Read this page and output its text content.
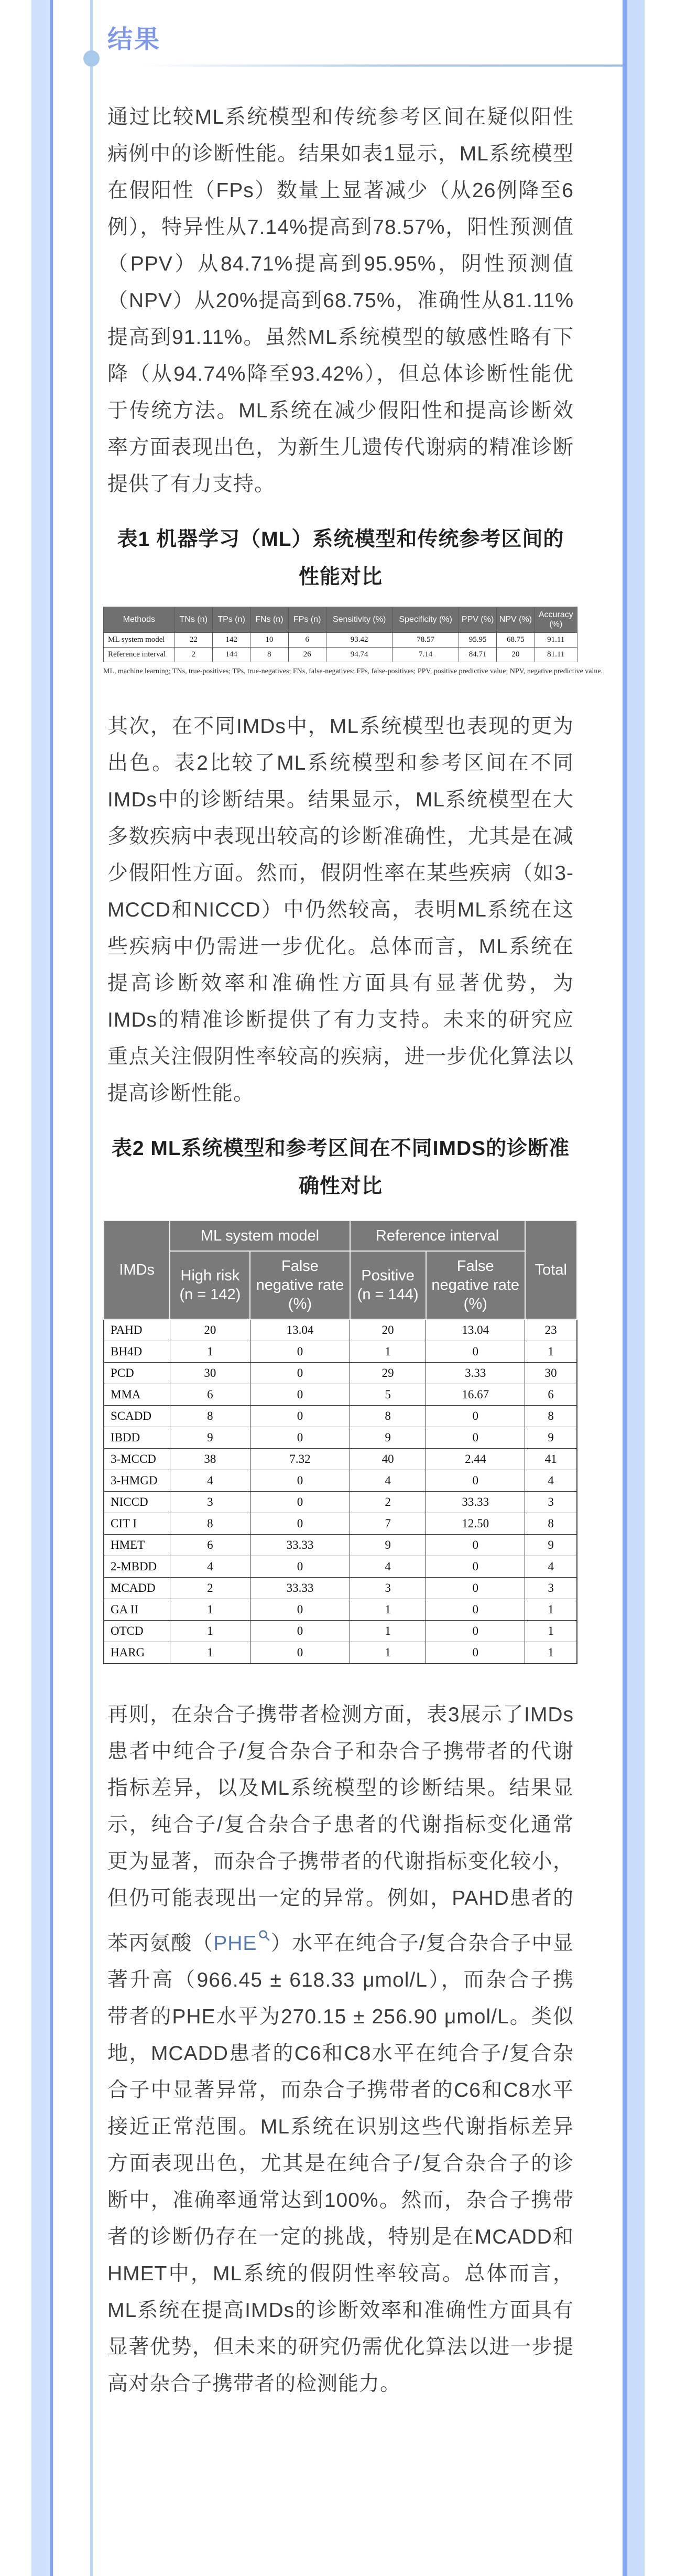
结果

通过比较ML系统模型和传统参考区间在疑似阳性病例中的诊断性能。结果如表1显示，ML系统模型在假阳性（FPs）数量上显著减少（从26例降至6例），特异性从7.14%提高到78.57%，阳性预测值（PPV）从84.71%提高到95.95%，阴性预测值（NPV）从20%提高到68.75%，准确性从81.11%提高到91.11%。虽然ML系统模型的敏感性略有下降（从94.74%降至93.42%），但总体诊断性能优于传统方法。ML系统在减少假阳性和提高诊断效率方面表现出色，为新生儿遗传代谢病的精准诊断提供了有力支持。

表1 机器学习（ML）系统模型和传统参考区间的性能对比
Methods	TNs (n)	TPs (n)	FNs (n)	FPs (n)	Sensitivity (%)	Specificity (%)	PPV (%)	NPV (%)	Accuracy (%)
ML system model	22	142	10	6	93.42	78.57	95.95	68.75	91.11
Reference interval	2	144	8	26	94.74	7.14	84.71	20	81.11
ML, machine learning; TNs, true-positives; TPs, true-negatives; FNs, false-negatives; FPs, false-positives; PPV, positive predictive value; NPV, negative predictive value.

其次，在不同IMDs中，ML系统模型也表现的更为出色。表2比较了ML系统模型和参考区间在不同IMDs中的诊断结果。结果显示，ML系统模型在大多数疾病中表现出较高的诊断准确性，尤其是在减少假阳性方面。然而，假阴性率在某些疾病（如3-MCCD和NICCD）中仍然较高，表明ML系统在这些疾病中仍需进一步优化。总体而言，ML系统在提高诊断效率和准确性方面具有显著优势，为IMDs的精准诊断提供了有力支持。未来的研究应重点关注假阴性率较高的疾病，进一步优化算法以提高诊断性能。

表2 ML系统模型和参考区间在不同IMDS的诊断准确性对比
IMDs	ML system model		Reference interval		Total
	High risk (n = 142)	False negative rate (%)	Positive (n = 144)	False negative rate (%)	
PAHD	20	13.04	20	13.04	23
BH4D	1	0	1	0	1
PCD	30	0	29	3.33	30
MMA	6	0	5	16.67	6
SCADD	8	0	8	0	8
IBDD	9	0	9	0	9
3-MCCD	38	7.32	40	2.44	41
3-HMGD	4	0	4	0	4
NICCD	3	0	2	33.33	3
CIT I	8	0	7	12.50	8
HMET	6	33.33	9	0	9
2-MBDD	4	0	4	0	4
MCADD	2	33.33	3	0	3
GA II	1	0	1	0	1
OTCD	1	0	1	0	1
HARG	1	0	1	0	1

再则，在杂合子携带者检测方面，表3展示了IMDs患者中纯合子/复合杂合子和杂合子携带者的代谢指标差异，以及ML系统模型的诊断结果。结果显示，纯合子/复合杂合子患者的代谢指标变化通常更为显著，而杂合子携带者的代谢指标变化较小，但仍可能表现出一定的异常。例如，PAHD患者的苯丙氨酸（PHE ）水平在纯合子/复合杂合子中显著升高（966.45 ± 618.33 μmol/L），而杂合子携带者的PHE水平为270.15 ± 256.90 μmol/L。类似地，MCADD患者的C6和C8水平在纯合子/复合杂合子中显著异常，而杂合子携带者的C6和C8水平接近正常范围。ML系统在识别这些代谢指标差异方面表现出色，尤其是在纯合子/复合杂合子的诊断中，准确率通常达到100%。然而，杂合子携带者的诊断仍存在一定的挑战，特别是在MCADD和HMET中，ML系统的假阴性率较高。总体而言，ML系统在提高IMDs的诊断效率和准确性方面具有显著优势，但未来的研究仍需优化算法以进一步提高对杂合子携带者的检测能力。
